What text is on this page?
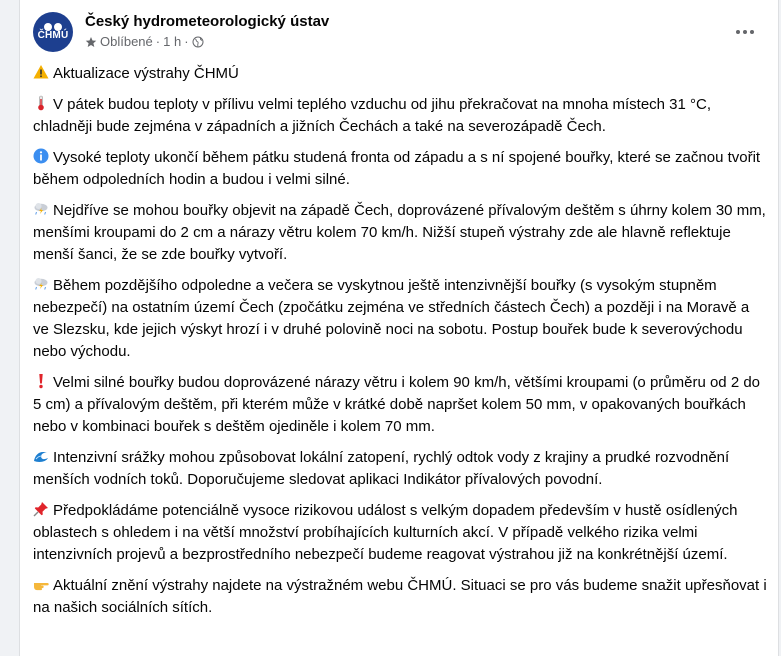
ČHMÚ
Český hydrometeorologický ústav
Oblíbené · 1 h ·

Aktualizace výstrahy ČHMÚ

V pátek budou teploty v přílivu velmi teplého vzduchu od jihu překračovat na mnoha místech 31 °C, chladněji bude zejména v západních a jižních Čechách a také na severozápadě Čech.

Vysoké teploty ukončí během pátku studená fronta od západu a s ní spojené bouřky, které se začnou tvořit během odpoledních hodin a budou i velmi silné.

Nejdříve se mohou bouřky objevit na západě Čech, doprovázené přívalovým deštěm s úhrny kolem 30 mm, menšími kroupami do 2 cm a nárazy větru kolem 70 km/h. Nižší stupeň výstrahy zde ale hlavně reflektuje menší šanci, že se zde bouřky vytvoří.

Během pozdějšího odpoledne a večera se vyskytnou ještě intenzivnější bouřky (s vysokým stupněm nebezpečí) na ostatním území Čech (zpočátku zejména ve středních částech Čech) a později i na Moravě a ve Slezsku, kde jejich výskyt hrozí i v druhé polovině noci na sobotu. Postup bouřek bude k severovýchodu nebo východu.

Velmi silné bouřky budou doprovázené nárazy větru i kolem 90 km/h, většími kroupami (o průměru od 2 do 5 cm) a přívalovým deštěm, při kterém může v krátké době napršet kolem 50 mm, v opakovaných bouřkách nebo v kombinaci bouřek s deštěm ojediněle i kolem 70 mm.

Intenzivní srážky mohou způsobovat lokální zatopení, rychlý odtok vody z krajiny a prudké rozvodnění menších vodních toků. Doporučujeme sledovat aplikaci Indikátor přívalových povodní.

Předpokládáme potenciálně vysoce rizikovou událost s velkým dopadem především v hustě osídlených oblastech s ohledem i na větší množství probíhajících kulturních akcí. V případě velkého rizika velmi intenzivních projevů a bezprostředního nebezpečí budeme reagovat výstrahou již na konkrétnější území.

Aktuální znění výstrahy najdete na výstražném webu ČHMÚ. Situaci se pro vás budeme snažit upřesňovat i na našich sociálních sítích.
